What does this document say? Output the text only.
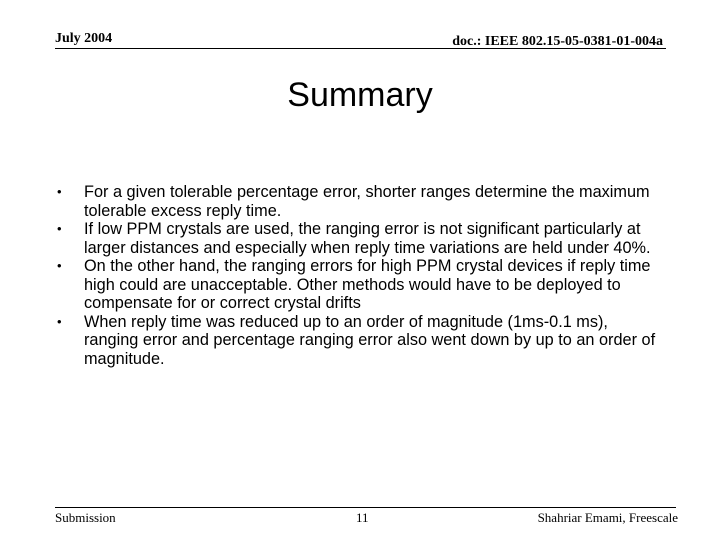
July 2004	doc.: IEEE 802.15-05-0381-01-004a
Summary
• For a given tolerable percentage error, shorter ranges determine the maximum tolerable excess reply time.
• If low PPM crystals are used, the ranging error is not significant particularly at larger distances and especially when reply time variations are held under 40%.
• On the other hand, the ranging errors for high PPM crystal devices if reply time high could are unacceptable. Other methods would have to be deployed to compensate for or correct crystal drifts
• When reply time was reduced up to an order of magnitude (1ms-0.1 ms), ranging error and percentage ranging error also went down by up to an order of magnitude.
Submission	11	Shahriar Emami, Freescale
